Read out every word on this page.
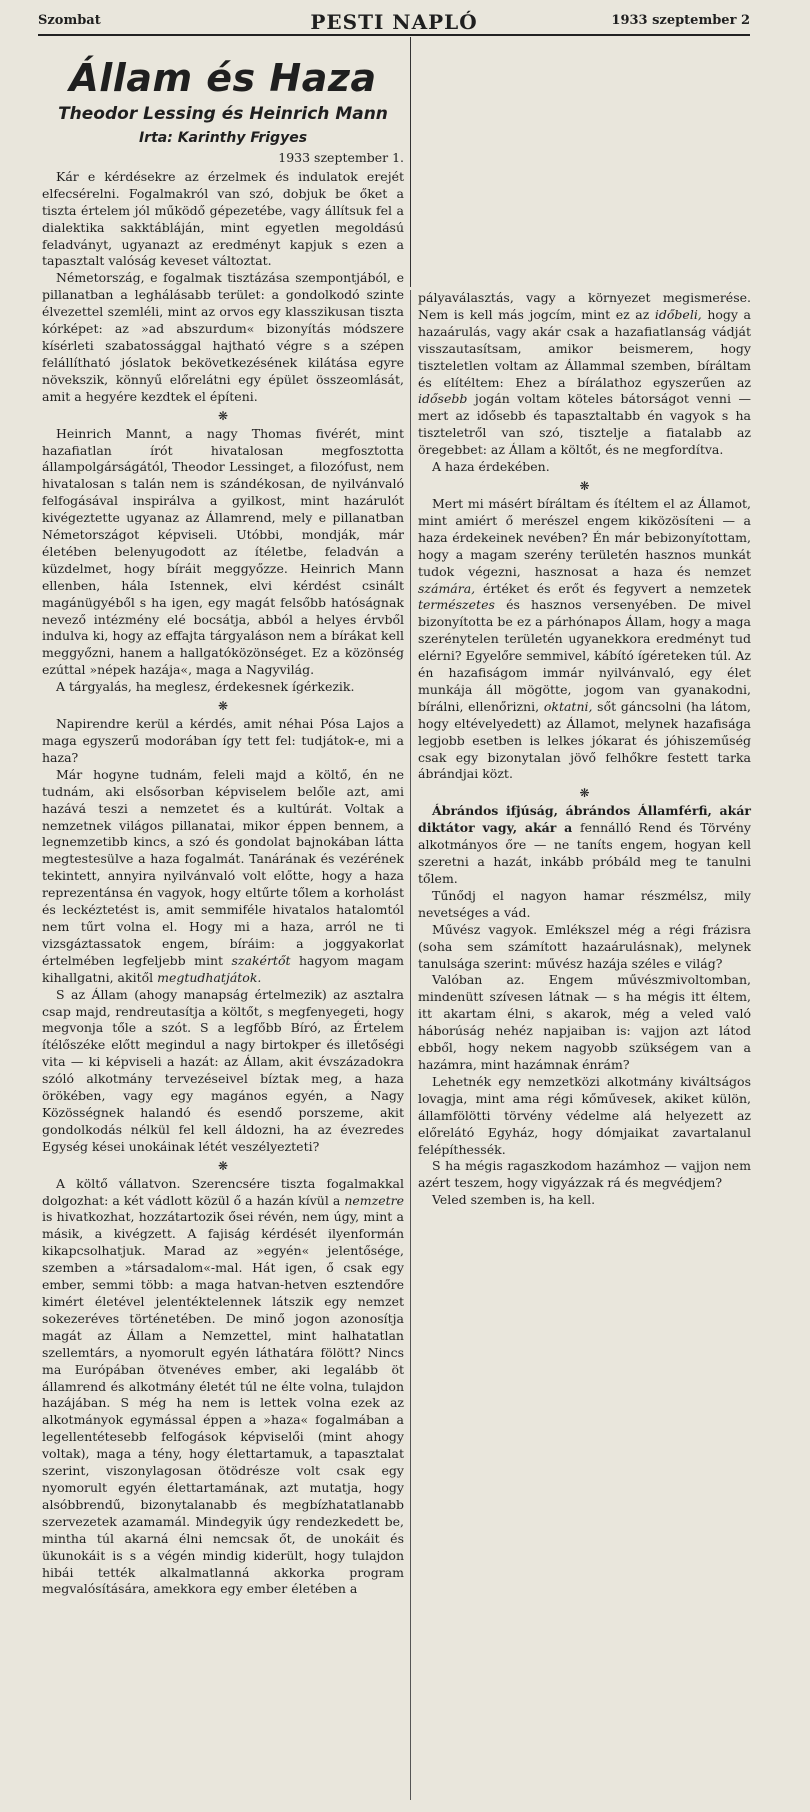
Szombat	PESTI NAPLÓ	1933 szeptember 2
Állam és Haza
Theodor Lessing és Heinrich Mann
Irta: Karinthy Frigyes
1933 szeptember 1.

Kár e kérdésekre az érzelmek és indulatok erejét elfecsérelni. Fogalmakról van szó, dobjuk be őket a tiszta értelem jól működő gépezetébe, vagy állítsuk fel a dialektika sakktábláján, mint egyetlen megoldású feladványt, ugyanazt az eredményt kapjuk s ezen a tapasztalt valóság keveset változtat.

Németország, e fogalmak tisztázása szempontjából, e pillanatban a leghálásabb terület: a gondolkodó szinte élvezettel szemléli, mint az orvos egy klasszikusan tiszta kórképet: az »ad abszurdum« bizonyítás módszere kísérleti szabatossággal hajtható végre s a szépen felállítható jóslatok bekövetkezésének kilátása egyre növekszik, könnyű előrelátni egy épület összeomlását, amit a hegyére kezdtek el építeni.

❋

Heinrich Mannt, a nagy Thomas fivérét, mint hazafiatlan írót hivatalosan megfosztotta állampolgárságától, Theodor Lessinget, a filozófust, nem hivatalosan s talán nem is szándékosan, de nyilvánvaló felfogásával inspirálva a gyilkost, mint hazárulót kivégeztette ugyanaz az Államrend, mely e pillanatban Németországot képviseli. Utóbbi, mondják, már életében belenyugodott az ítéletbe, feladván a küzdelmet, hogy bíráit meggyőzze. Heinrich Mann ellenben, hála Istennek, elvi kérdést csinált magánügyéből s ha igen, egy magát felsőbb hatóságnak nevező intézmény elé bocsátja, abból a helyes érvből indulva ki, hogy az effajta tárgyaláson nem a bírákat kell meggyőzni, hanem a hallgatóközönséget. Ez a közönség ezúttal »népek hazája«, maga a Nagyvilág.

A tárgyalás, ha meglesz, érdekesnek ígérkezik.

❋

Napirendre kerül a kérdés, amit néhai Pósa Lajos a maga egyszerű modorában így tett fel: tudjátok-e, mi a haza?

Már hogyne tudnám, feleli majd a költő, én ne tudnám, aki elsősorban képviselem belőle azt, ami hazává teszi a nemzetet és a kultúrát. Voltak a nemzetnek világos pillanatai, mikor éppen bennem, a legnemzetibb kincs, a szó és gondolat bajnokában látta megtestesülve a haza fogalmát. Tanárának és vezérének tekintett, annyira nyilvánvaló volt előtte, hogy a haza reprezentánsa én vagyok, hogy eltűrte tőlem a korholást és leckéztetést is, amit semmiféle hivatalos hatalomtól nem tűrt volna el. Hogy mi a haza, arról ne ti vizsgáztassatok engem, bíráim: a joggyakorlat értelmében legfeljebb mint szakértőt hagyom magam kihallgatni, akitől megtudhatjátok.

S az Állam (ahogy manapság értelmezik) az asztalra csap majd, rendreutasítja a költőt, s megfenyegeti, hogy megvonja tőle a szót. S a legfőbb Bíró, az Értelem ítélőszéke előtt megindul a nagy birtokper és illetőségi vita — ki képviseli a hazát: az Állam, akit évszázadokra szóló alkotmány tervezéseivel bíztak meg, a haza örökében, vagy egy magános egyén, a Nagy Közösségnek halandó és esendő porszeme, akit gondolkodás nélkül fel kell áldozni, ha az évezredes Egység kései unokáinak létét veszélyezteti?

❋

A költő vállatvon. Szerencsére tiszta fogalmakkal dolgozhat: a két vádlott közül ő a hazán kívül a nemzetre is hivatkozhat, hozzátartozik ősei révén, nem úgy, mint a másik, a kivégzett. A fajiság kérdését ilyenformán kikapcsolhatjuk. Marad az »egyén« jelentősége, szemben a »társadalom«-mal. Hát igen, ő csak egy ember, semmi több: a maga hatvan-hetven esztendőre kimért életével jelentéktelennek látszik egy nemzet sokezeréves történetében. De minő jogon azonosítja magát az Állam a Nemzettel, mint halhatatlan szellemtárs, a nyomorult egyén láthatára fölött? Nincs ma Európában ötvenéves ember, aki legalább öt államrend és alkotmány életét túl ne élte volna, tulajdon hazájában. S még ha nem is lettek volna ezek az alkotmányok egymással éppen a »haza« fogalmában a legellentétesebb felfogások képviselői (mint ahogy voltak), maga a tény, hogy élettartamuk, a tapasztalat szerint, viszonylagosan ötödrésze volt csak egy nyomorult egyén élettartamának, azt mutatja, hogy alsóbbrendű, bizonytalanabb és megbízhatatlanabb szervezetek azamamál. Mindegyik úgy rendezkedett be, mintha túl akarná élni nemcsak őt, de unokáit és ükunokáit is s a végén mindig kiderült, hogy tulajdon hibái tették alkalmatlanná akkorka program megvalósítására, amekkora egy ember életében a

pályaválasztás, vagy a környezet megismerése. Nem is kell más jogcím, mint ez az időbeli, hogy a hazaárulás, vagy akár csak a hazafiatlanság vádját visszautasítsam, amikor beismerem, hogy tiszteletlen voltam az Állammal szemben, bíráltam és elítéltem: Ehez a bírálathoz egyszerűen az idősebb jogán voltam köteles bátorságot venni — mert az idősebb és tapasztaltabb én vagyok s ha tiszteletről van szó, tisztelje a fiatalabb az öregebbet: az Állam a költőt, és ne megfordítva.

A haza érdekében.

❋

Mert mi másért bíráltam és ítéltem el az Államot, mint amiért ő merészel engem kiközösíteni — a haza érdekeinek nevében? Én már bebizonyítottam, hogy a magam szerény területén hasznos munkát tudok végezni, hasznosat a haza és nemzet számára, értéket és erőt és fegyvert a nemzetek természetes és hasznos versenyében. De mivel bizonyította be ez a párhónapos Állam, hogy a maga szerénytelen területén ugyanekkora eredményt tud elérni? Egyelőre semmivel, kábító ígéreteken túl. Az én hazafiságom immár nyilvánvaló, egy élet munkája áll mögötte, jogom van gyanakodni, bírálni, ellenőrizni, oktatni, sőt gáncsolni (ha látom, hogy eltévelyedett) az Államot, melynek hazafisága legjobb esetben is lelkes jókarat és jóhiszeműség csak egy bizonytalan jövő felhőkre festett tarka ábrándjai közt.

❋

Ábrándos ifjúság, ábrándos Államférfi, akár diktátor vagy, akár a fennálló Rend és Törvény alkotmányos őre — ne taníts engem, hogyan kell szeretni a hazát, inkább próbáld meg te tanulni tőlem.

Tűnődj el nagyon hamar részmélsz, mily nevetséges a vád.

Művész vagyok. Emlékszel még a régi frázisra (soha sem számított hazaárulásnak), melynek tanulsága szerint: művész hazája széles e világ?

Valóban az. Engem művészmivoltomban, mindenütt szívesen látnak — s ha mégis itt éltem, itt akartam élni, s akarok, még a veled való háborúság nehéz napjaiban is: vajjon azt látod ebből, hogy nekem nagyobb szükségem van a hazámra, mint hazámnak énrám?

Lehetnék egy nemzetközi alkotmány kiváltságos lovagja, mint ama régi kőművesek, akiket külön, államfölötti törvény védelme alá helyezett az előrelátó Egyház, hogy dómjaikat zavartalanul felépíthessék.

S ha mégis ragaszkodom hazámhoz — vajjon nem azért teszem, hogy vigyázzak rá és megvédjem?

Veled szemben is, ha kell.
